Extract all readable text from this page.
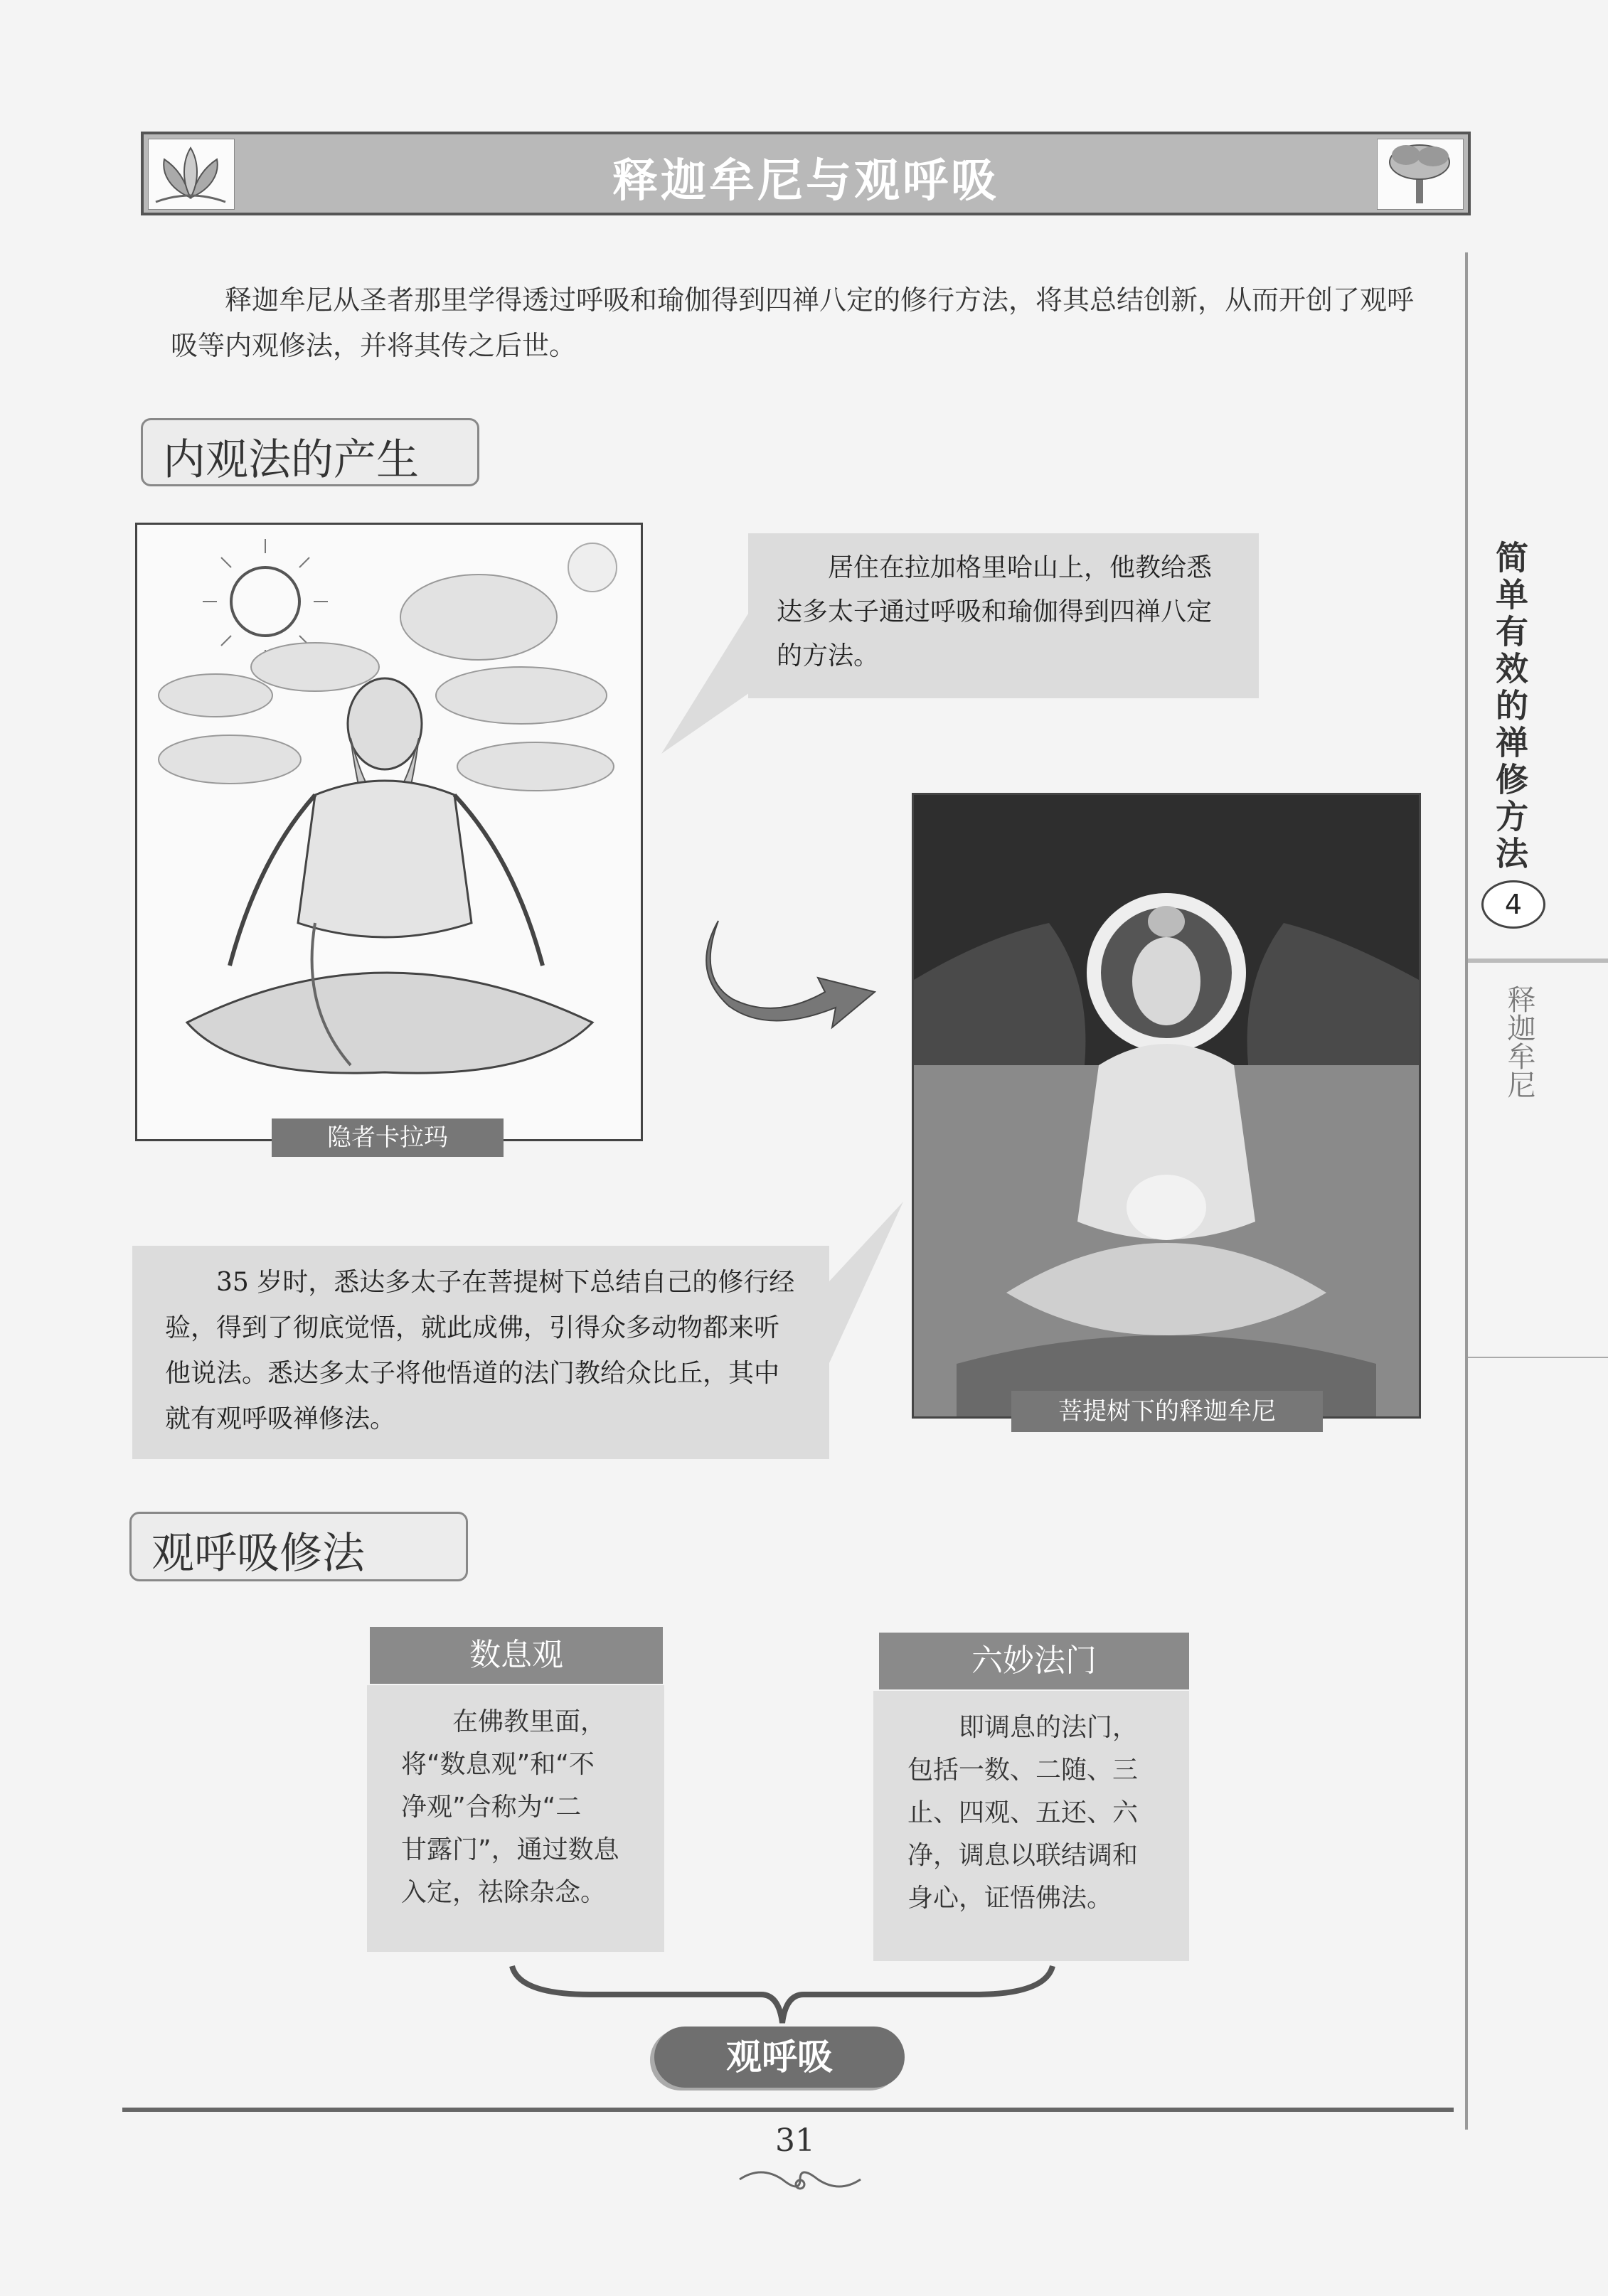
释迦牟尼与观呼吸

释迦牟尼从圣者那里学得透过呼吸和瑜伽得到四禅八定的修行方法，将其总结创新，从而开创了观呼吸等内观修法，并将其传之后世。

内观法的产生
隐者卡拉玛
居住在拉加格里哈山上，他教给悉达多太子通过呼吸和瑜伽得到四禅八定的方法。
菩提树下的释迦牟尼
35 岁时，悉达多太子在菩提树下总结自己的修行经验，得到了彻底觉悟，就此成佛，引得众多动物都来听他说法。悉达多太子将他悟道的法门教给众比丘，其中就有观呼吸禅修法。
观呼吸修法
数息观
在佛教里面，
将“数息观”和“不
净观”合称为“二
甘露门”，通过数息
入定，祛除杂念。
六妙法门
即调息的法门，
包括一数、二随、三
止、四观、五还、六
净，调息以联结调和
身心，证悟佛法。
观呼吸
简单有效的禅修方法
4
释迦牟尼
31
